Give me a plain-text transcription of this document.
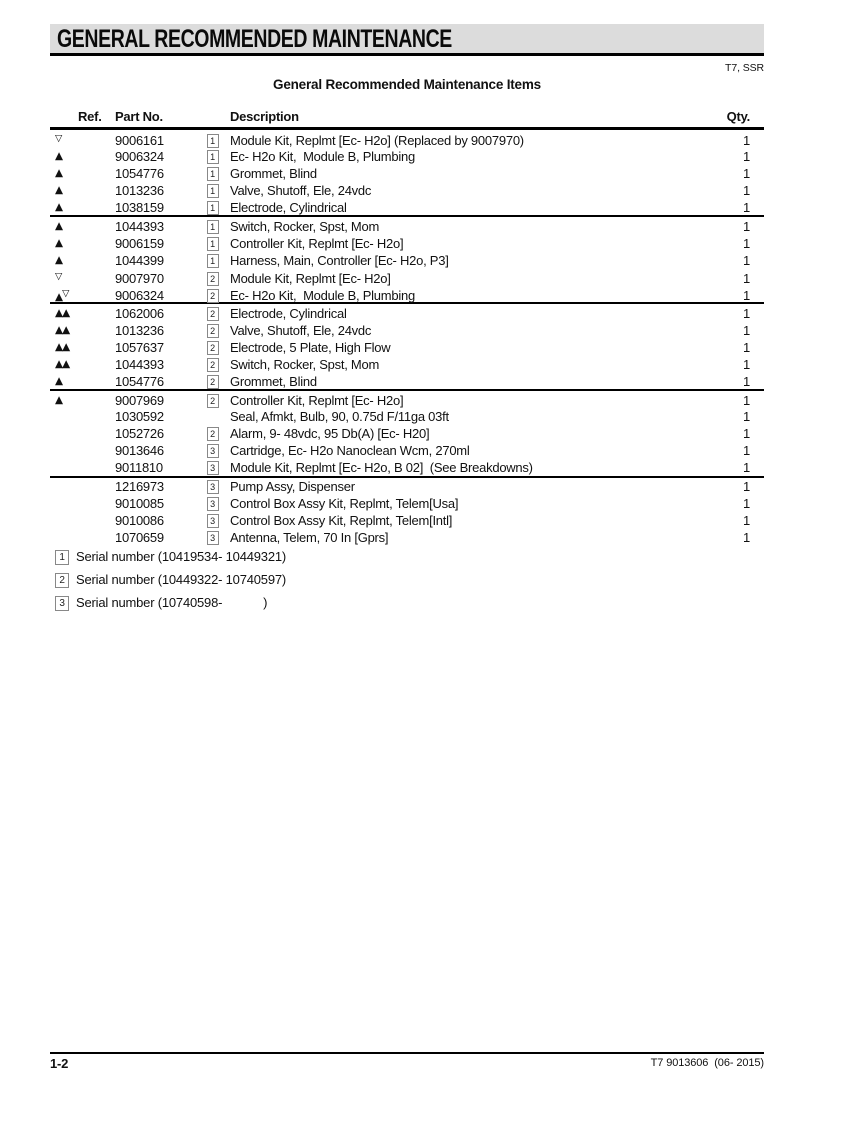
GENERAL RECOMMENDED MAINTENANCE
T7, SSR
General Recommended Maintenance Items
Ref.	Part No.	Description	Qty.
▽	9006161	1	Module Kit, Replmt [Ec- H2o] (Replaced by 9007970)	1
▲	9006324	1	Ec- H2o Kit,  Module B, Plumbing	1
▲	1054776	1	Grommet, Blind	1
▲	1013236	1	Valve, Shutoff, Ele, 24vdc	1
▲	1038159	1	Electrode, Cylindrical	1
▲	1044393	1	Switch, Rocker, Spst, Mom	1
▲	9006159	1	Controller Kit, Replmt [Ec- H2o]	1
▲	1044399	1	Harness, Main, Controller [Ec- H2o, P3]	1
▽	9007970	2	Module Kit, Replmt [Ec- H2o]	1
▲▽	9006324	2	Ec- H2o Kit,  Module B, Plumbing	1
▲▲	1062006	2	Electrode, Cylindrical	1
▲▲	1013236	2	Valve, Shutoff, Ele, 24vdc	1
▲▲	1057637	2	Electrode, 5 Plate, High Flow	1
▲▲	1044393	2	Switch, Rocker, Spst, Mom	1
▲	1054776	2	Grommet, Blind	1
▲	9007969	2	Controller Kit, Replmt [Ec- H2o]	1
1030592	Seal, Afmkt, Bulb, 90, 0.75d F/11ga 03ft	1
1052726	2	Alarm, 9- 48vdc, 95 Db(A) [Ec- H20]	1
9013646	3	Cartridge, Ec- H2o Nanoclean Wcm, 270ml	1
9011810	3	Module Kit, Replmt [Ec- H2o, B 02]  (See Breakdowns)	1
1216973	3	Pump Assy, Dispenser	1
9010085	3	Control Box Assy Kit, Replmt, Telem[Usa]	1
9010086	3	Control Box Assy Kit, Replmt, Telem[Intl]	1
1070659	3	Antenna, Telem, 70 In [Gprs]	1
1 Serial number (10419534- 10449321)
2 Serial number (10449322- 10740597)
3 Serial number (10740598-            )
1-2	T7 9013606  (06- 2015)
